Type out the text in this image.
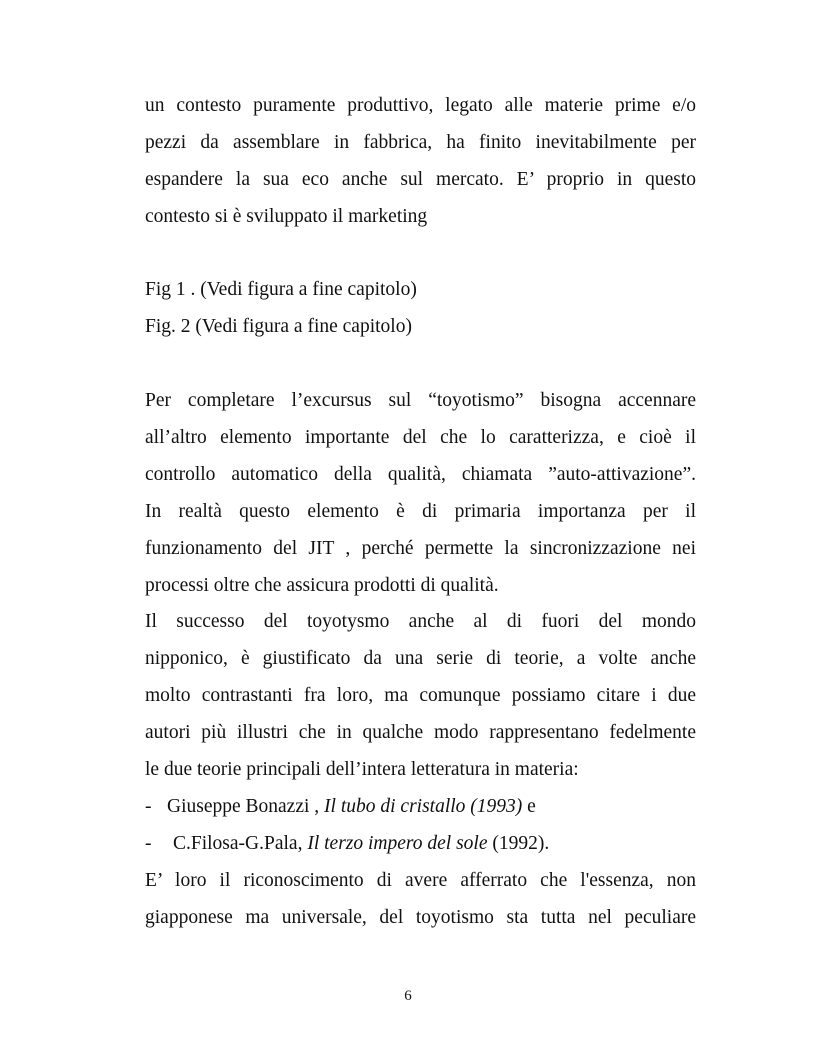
un contesto puramente produttivo, legato alle materie prime e/o
pezzi da assemblare in fabbrica, ha finito inevitabilmente per
espandere la sua eco anche sul mercato. E’ proprio in questo
contesto si è sviluppato il marketing
Fig 1 . (Vedi figura a fine capitolo)
Fig. 2 (Vedi figura a fine capitolo)
Per completare l’excursus sul “toyotismo” bisogna accennare
all’altro elemento importante del che lo caratterizza, e cioè il
controllo automatico della qualità, chiamata ”auto-attivazione”.
In realtà questo elemento è di primaria importanza per il
funzionamento del JIT , perché permette la sincronizzazione nei
processi oltre che assicura prodotti di qualità.
Il successo del toyotysmo anche al di fuori del mondo
nipponico, è giustificato da una serie di teorie, a volte anche
molto contrastanti fra loro, ma comunque possiamo citare i due
autori più illustri che in qualche modo rappresentano fedelmente
le due teorie principali dell’intera letteratura in materia:
- Giuseppe Bonazzi , Il tubo di cristallo (1993) e
- C.Filosa-G.Pala, Il terzo impero del sole (1992).
E’ loro il riconoscimento di avere afferrato che l'essenza, non
giapponese ma universale, del toyotismo sta tutta nel peculiare
6
